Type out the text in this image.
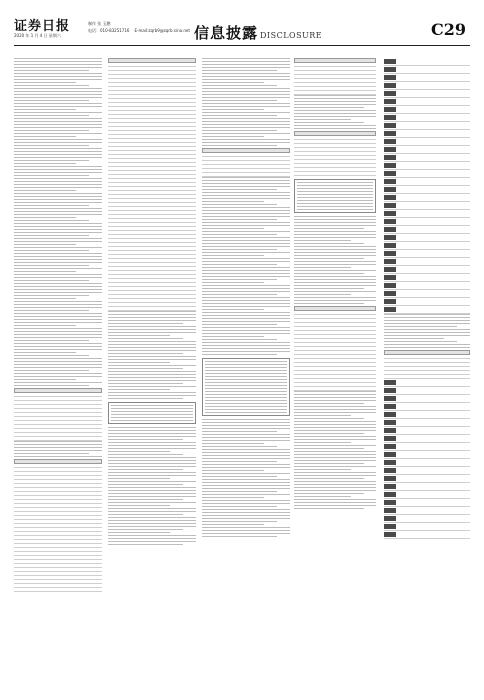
证券日报
2020 年 1 月 4 日 星期六
制作 张 玉鹏
电话：010-83251716    E-mail:zqrb9@zqrb.sina.net 信息披露 DISCLOSURE	C29
